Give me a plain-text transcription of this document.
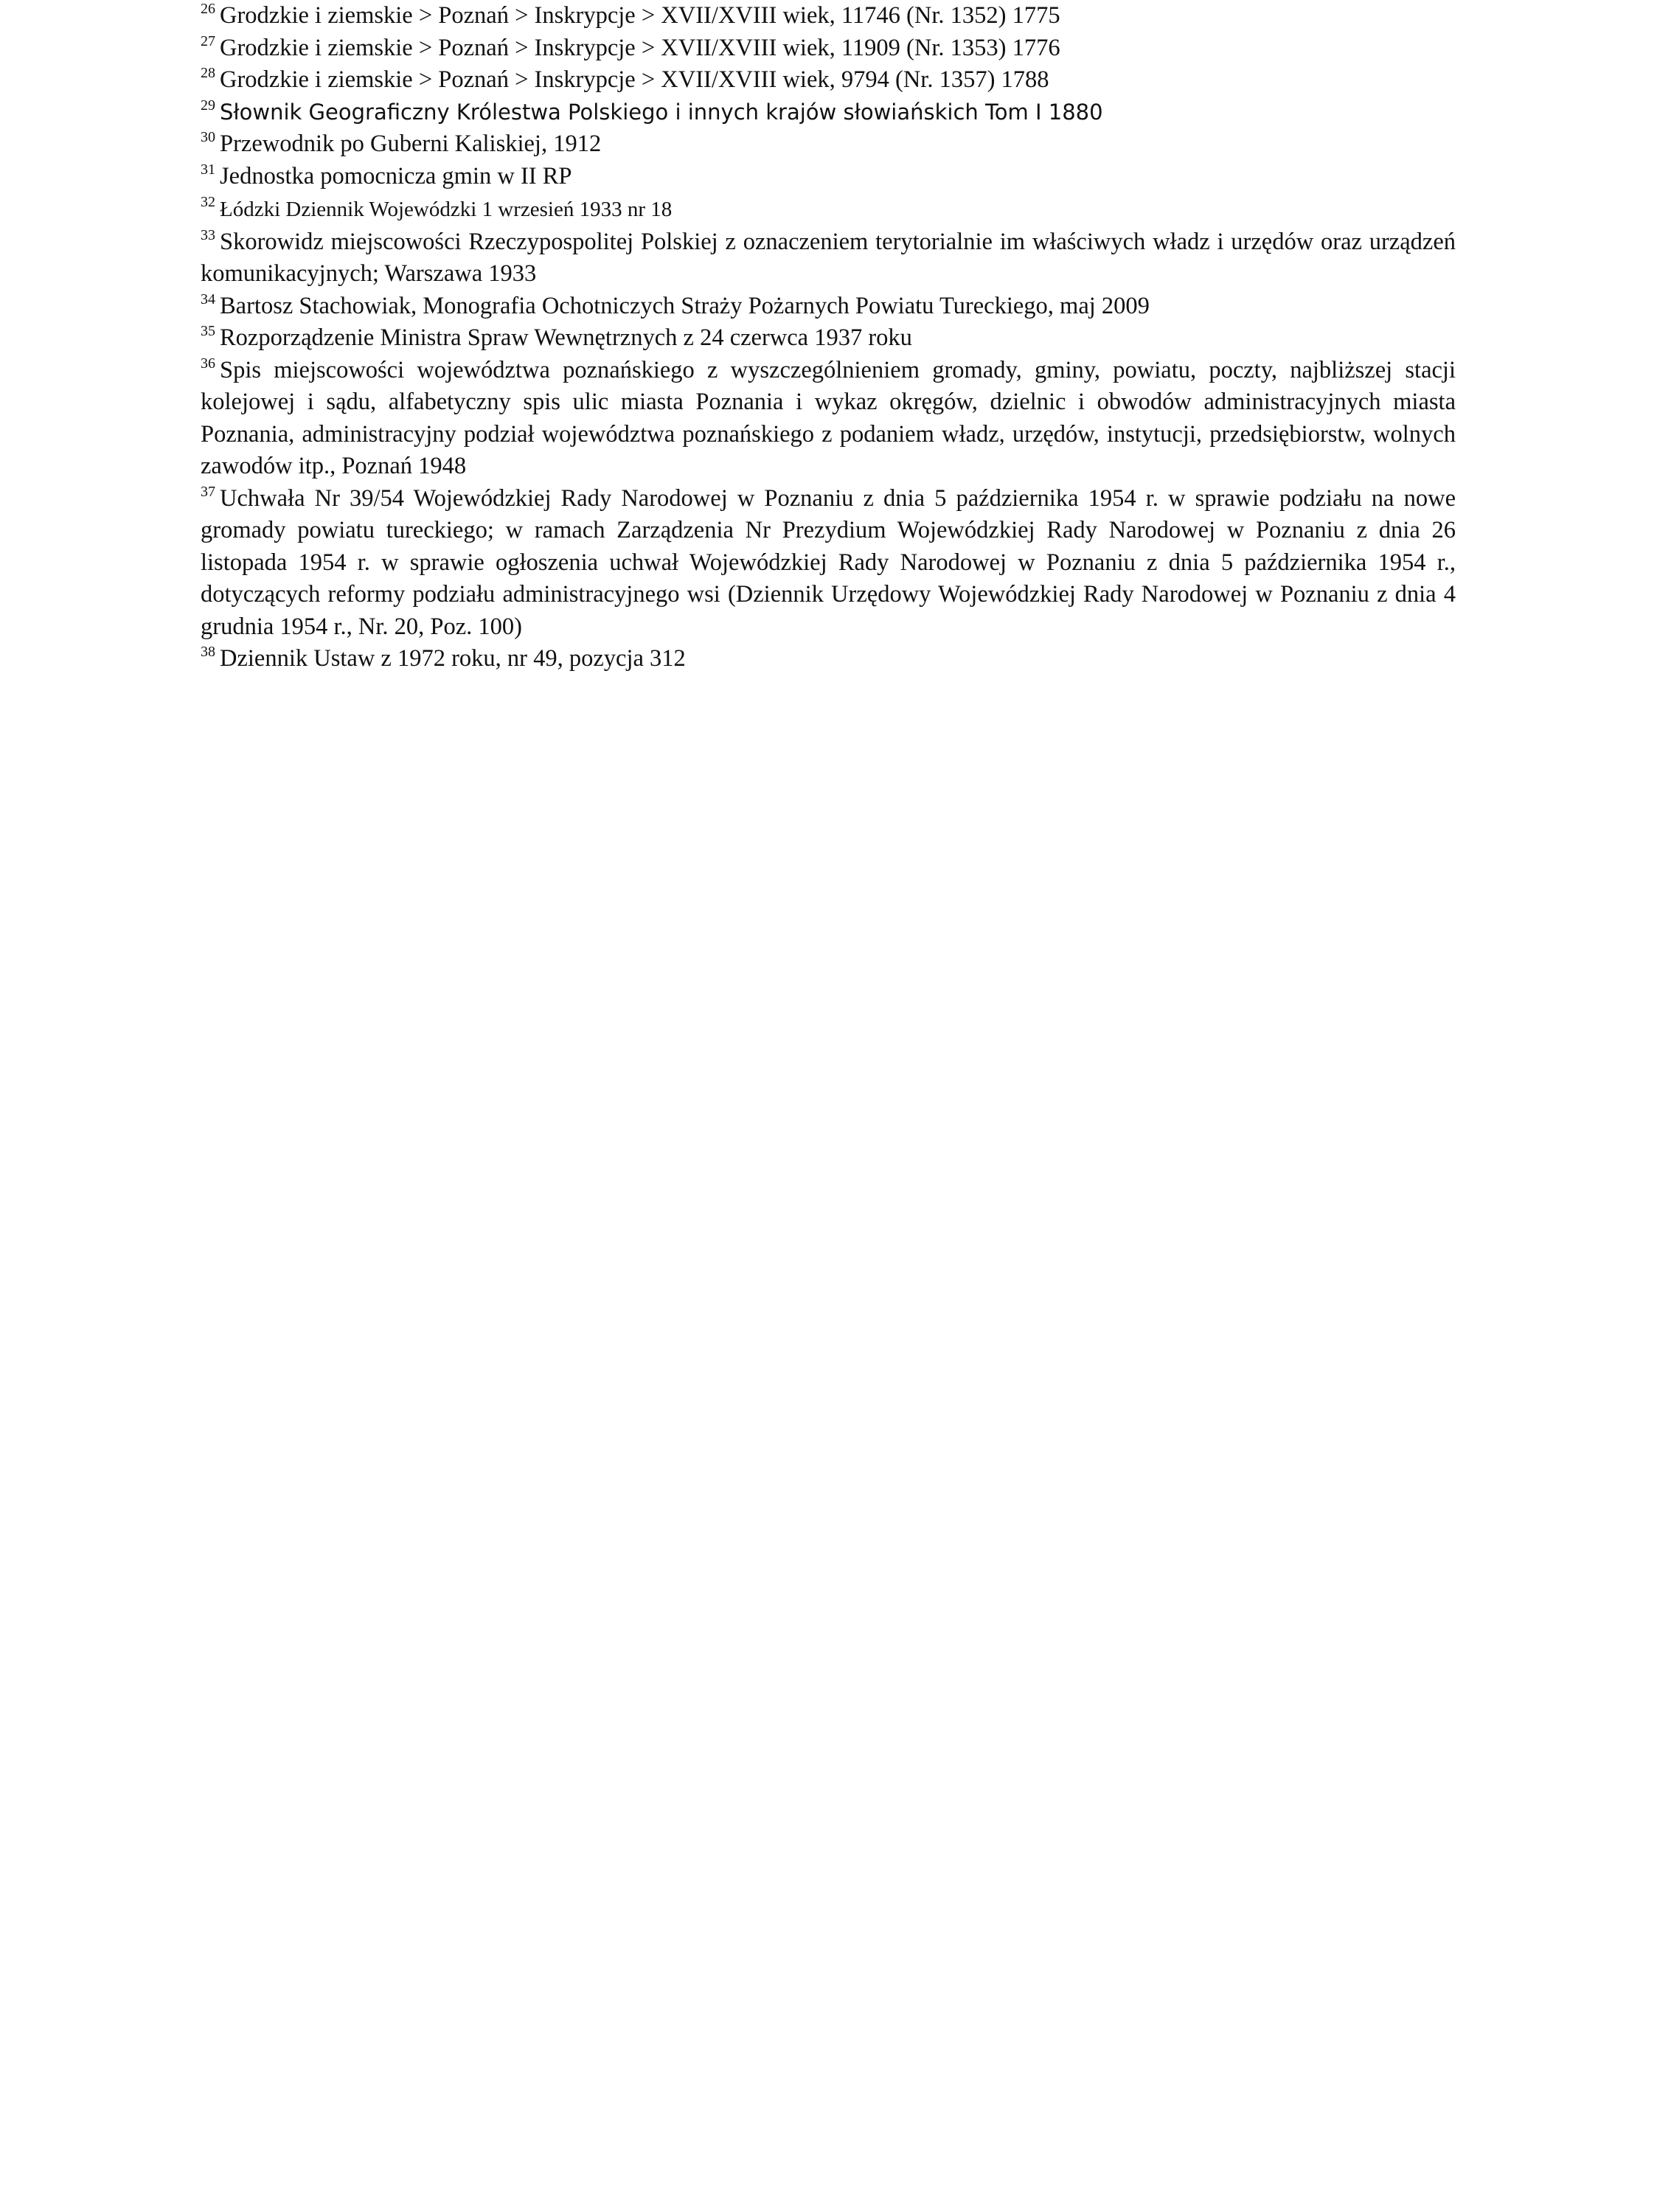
$^{26}$ Grodzkie i ziemskie > Poznań > Inskrypcje > XVII/XVIII wiek, 11746 (Nr. 1352) 1775

$^{27}$ Grodzkie i ziemskie > Poznań > Inskrypcje > XVII/XVIII wiek, 11909 (Nr. 1353) 1776

$^{28}$ Grodzkie i ziemskie > Poznań > Inskrypcje > XVII/XVIII wiek, 9794 (Nr. 1357) 1788

$^{29}$ Słownik Geograficzny Królestwa Polskiego i innych krajów słowiańskich Tom I 1880

$^{30}$ Przewodnik po Guberni Kaliskiej, 1912

$^{31}$ Jednostka pomocnicza gmin w II RP

$^{32}$ Łódzki Dziennik Wojewódzki 1 wrzesień 1933 nr 18

$^{33}$ Skorowidz miejscowości Rzeczypospolitej Polskiej z oznaczeniem terytorialnie im właściwych władz i urzędów oraz urządzeń komunikacyjnych; Warszawa 1933

$^{34}$ Bartosz Stachowiak, Monografia Ochotniczych Straży Pożarnych Powiatu Tureckiego, maj 2009

$^{35}$ Rozporządzenie Ministra Spraw Wewnętrznych z 24 czerwca 1937 roku

$^{36}$ Spis miejscowości województwa poznańskiego z wyszczególnieniem gromady, gminy, powiatu, poczty, najbliższej stacji kolejowej i sądu, alfabetyczny spis ulic miasta Poznania i wykaz okręgów, dzielnic i obwodów administracyjnych miasta Poznania, administracyjny podział województwa poznańskiego z podaniem władz, urzędów, instytucji, przedsiębiorstw, wolnych zawodów itp., Poznań 1948

$^{37}$ Uchwała Nr 39/54 Wojewódzkiej Rady Narodowej w Poznaniu z dnia 5 października 1954 r. w sprawie podziału na nowe gromady powiatu tureckiego; w ramach Zarządzenia Nr Prezydium Wojewódzkiej Rady Narodowej w Poznaniu z dnia 26 listopada 1954 r. w sprawie ogłoszenia uchwał Wojewódzkiej Rady Narodowej w Poznaniu z dnia 5 października 1954 r., dotyczących reformy podziału administracyjnego wsi (Dziennik Urzędowy Wojewódzkiej Rady Narodowej w Poznaniu z dnia 4 grudnia 1954 r., Nr. 20, Poz. 100)

$^{38}$ Dziennik Ustaw z 1972 roku, nr 49, pozycja 312
